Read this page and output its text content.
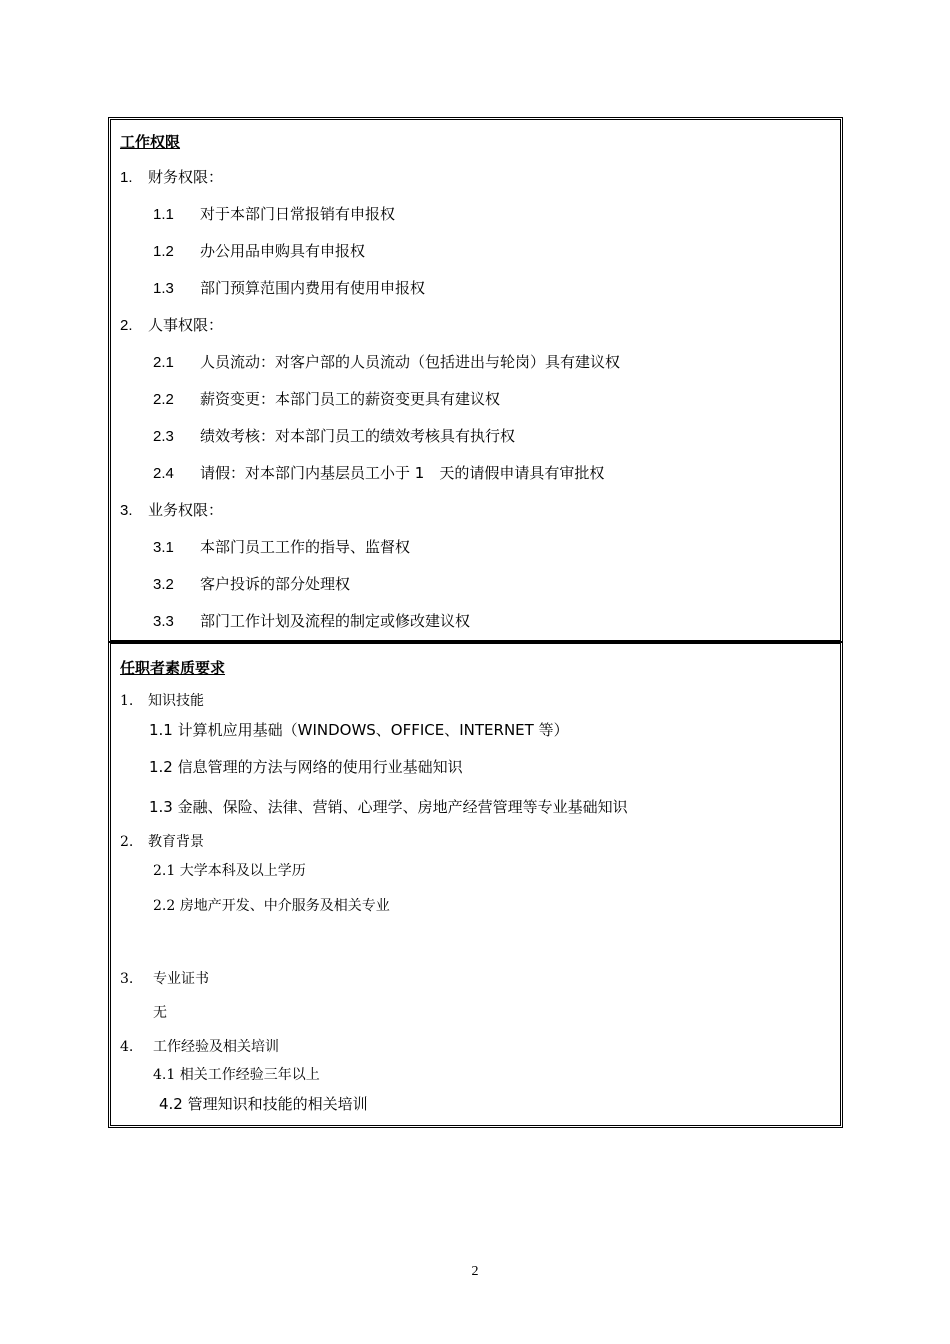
工作权限
1. 财务权限：
1.1 对于本部门日常报销有申报权
1.2 办公用品申购具有申报权
1.3 部门预算范围内费用有使用申报权
2. 人事权限：
2.1 人员流动：对客户部的人员流动（包括进出与轮岗）具有建议权
2.2 薪资变更：本部门员工的薪资变更具有建议权
2.3 绩效考核：对本部门员工的绩效考核具有执行权
2.4 请假：对本部门内基层员工小于 1　天的请假申请具有审批权
3. 业务权限：
3.1 本部门员工工作的指导、监督权
3.2 客户投诉的部分处理权
3.3 部门工作计划及流程的制定或修改建议权
任职者素质要求
1. 知识技能
1.1 计算机应用基础（WINDOWS、OFFICE、INTERNET 等）
1.2 信息管理的方法与网络的使用行业基础知识
1.3 金融、保险、法律、营销、心理学、房地产经营管理等专业基础知识
2. 教育背景
2.1 大学本科及以上学历
2.2 房地产开发、中介服务及相关专业
3. 专业证书
无
4. 工作经验及相关培训
4.1 相关工作经验三年以上
4.2 管理知识和技能的相关培训
2
